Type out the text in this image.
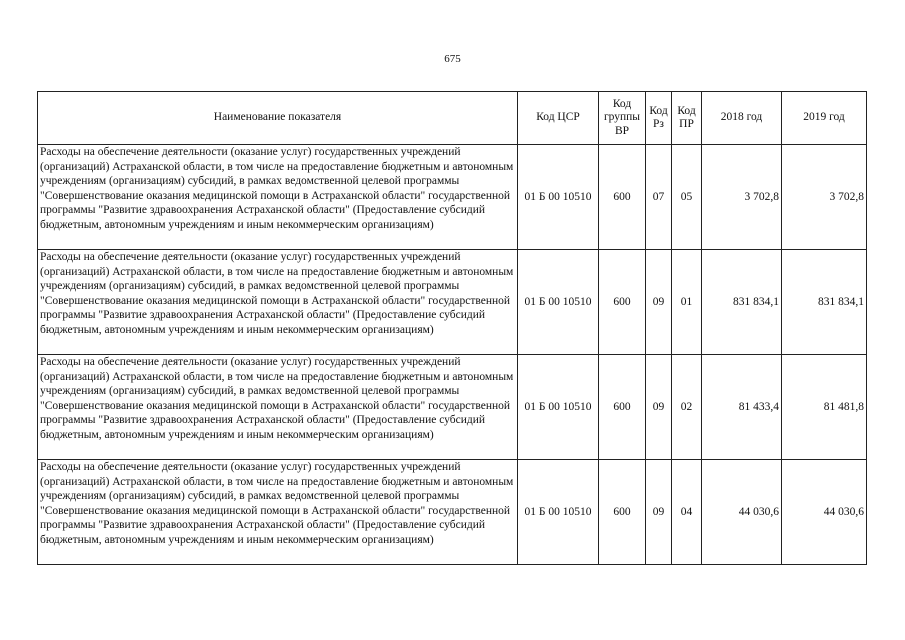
675
Наименование показателя	Код ЦСР	Код группы ВР	Код Рз	Код ПР	2018 год	2019 год
Расходы на обеспечение деятельности (оказание услуг) государственных учреждений (организаций) Астраханской области, в том числе на предоставление бюджетным и автономным учреждениям (организациям) субсидий, в рамках ведомственной целевой программы "Совершенствование оказания медицинской помощи в Астраханской области" государственной программы "Развитие здравоохранения Астраханской области" (Предоставление субсидий бюджетным, автономным учреждениям и иным некоммерческим организациям)	01 Б 00 10510	600	07	05	3 702,8	3 702,8
Расходы на обеспечение деятельности (оказание услуг) государственных учреждений (организаций) Астраханской области, в том числе на предоставление бюджетным и автономным учреждениям (организациям) субсидий, в рамках ведомственной целевой программы "Совершенствование оказания медицинской помощи в Астраханской области" государственной программы "Развитие здравоохранения Астраханской области" (Предоставление субсидий бюджетным, автономным учреждениям и иным некоммерческим организациям)	01 Б 00 10510	600	09	01	831 834,1	831 834,1
Расходы на обеспечение деятельности (оказание услуг) государственных учреждений (организаций) Астраханской области, в том числе на предоставление бюджетным и автономным учреждениям (организациям) субсидий, в рамках ведомственной целевой программы "Совершенствование оказания медицинской помощи в Астраханской области" государственной программы "Развитие здравоохранения Астраханской области" (Предоставление субсидий бюджетным, автономным учреждениям и иным некоммерческим организациям)	01 Б 00 10510	600	09	02	81 433,4	81 481,8
Расходы на обеспечение деятельности (оказание услуг) государственных учреждений (организаций) Астраханской области, в том числе на предоставление бюджетным и автономным учреждениям (организациям) субсидий, в рамках ведомственной целевой программы "Совершенствование оказания медицинской помощи в Астраханской области" государственной программы "Развитие здравоохранения Астраханской области" (Предоставление субсидий бюджетным, автономным учреждениям и иным некоммерческим организациям)	01 Б 00 10510	600	09	04	44 030,6	44 030,6
